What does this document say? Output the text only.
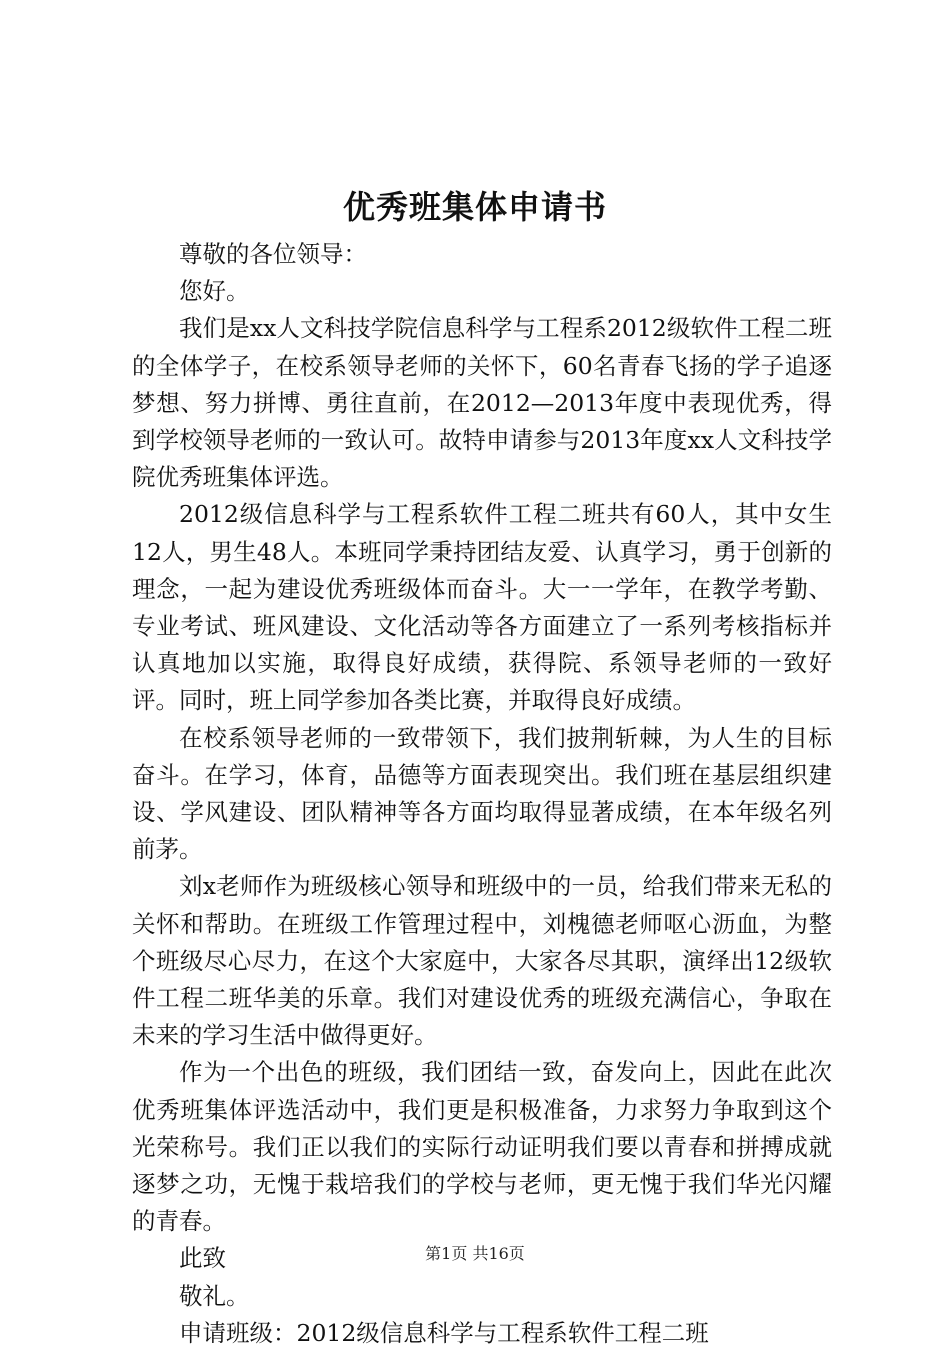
优秀班集体申请书

尊敬的各位领导：

您好。

我们是xx人文科技学院信息科学与工程系2012级软件工程二班的全体学子，在校系领导老师的关怀下，60名青春飞扬的学子追逐梦想、努力拼博、勇往直前，在2012—2013年度中表现优秀，得到学校领导老师的一致认可。故特申请参与2013年度xx人文科技学院优秀班集体评选。

2012级信息科学与工程系软件工程二班共有60人，其中女生12人，男生48人。本班同学秉持团结友爱、认真学习，勇于创新的理念，一起为建设优秀班级体而奋斗。大一一学年，在教学考勤、专业考试、班风建设、文化活动等各方面建立了一系列考核指标并认真地加以实施，取得良好成绩，获得院、系领导老师的一致好评。同时，班上同学参加各类比赛，并取得良好成绩。

在校系领导老师的一致带领下，我们披荆斩棘，为人生的目标奋斗。在学习，体育，品德等方面表现突出。我们班在基层组织建设、学风建设、团队精神等各方面均取得显著成绩，在本年级名列前茅。

刘x老师作为班级核心领导和班级中的一员，给我们带来无私的关怀和帮助。在班级工作管理过程中，刘槐德老师呕心沥血，为整个班级尽心尽力，在这个大家庭中，大家各尽其职，演绎出12级软件工程二班华美的乐章。我们对建设优秀的班级充满信心，争取在未来的学习生活中做得更好。

作为一个出色的班级，我们团结一致，奋发向上，因此在此次优秀班集体评选活动中，我们更是积极准备，力求努力争取到这个光荣称号。我们正以我们的实际行动证明我们要以青春和拼搏成就逐梦之功，无愧于栽培我们的学校与老师，更无愧于我们华光闪耀的青春。

此致

敬礼。

申请班级：2012级信息科学与工程系软件工程二班

第1页 共16页
